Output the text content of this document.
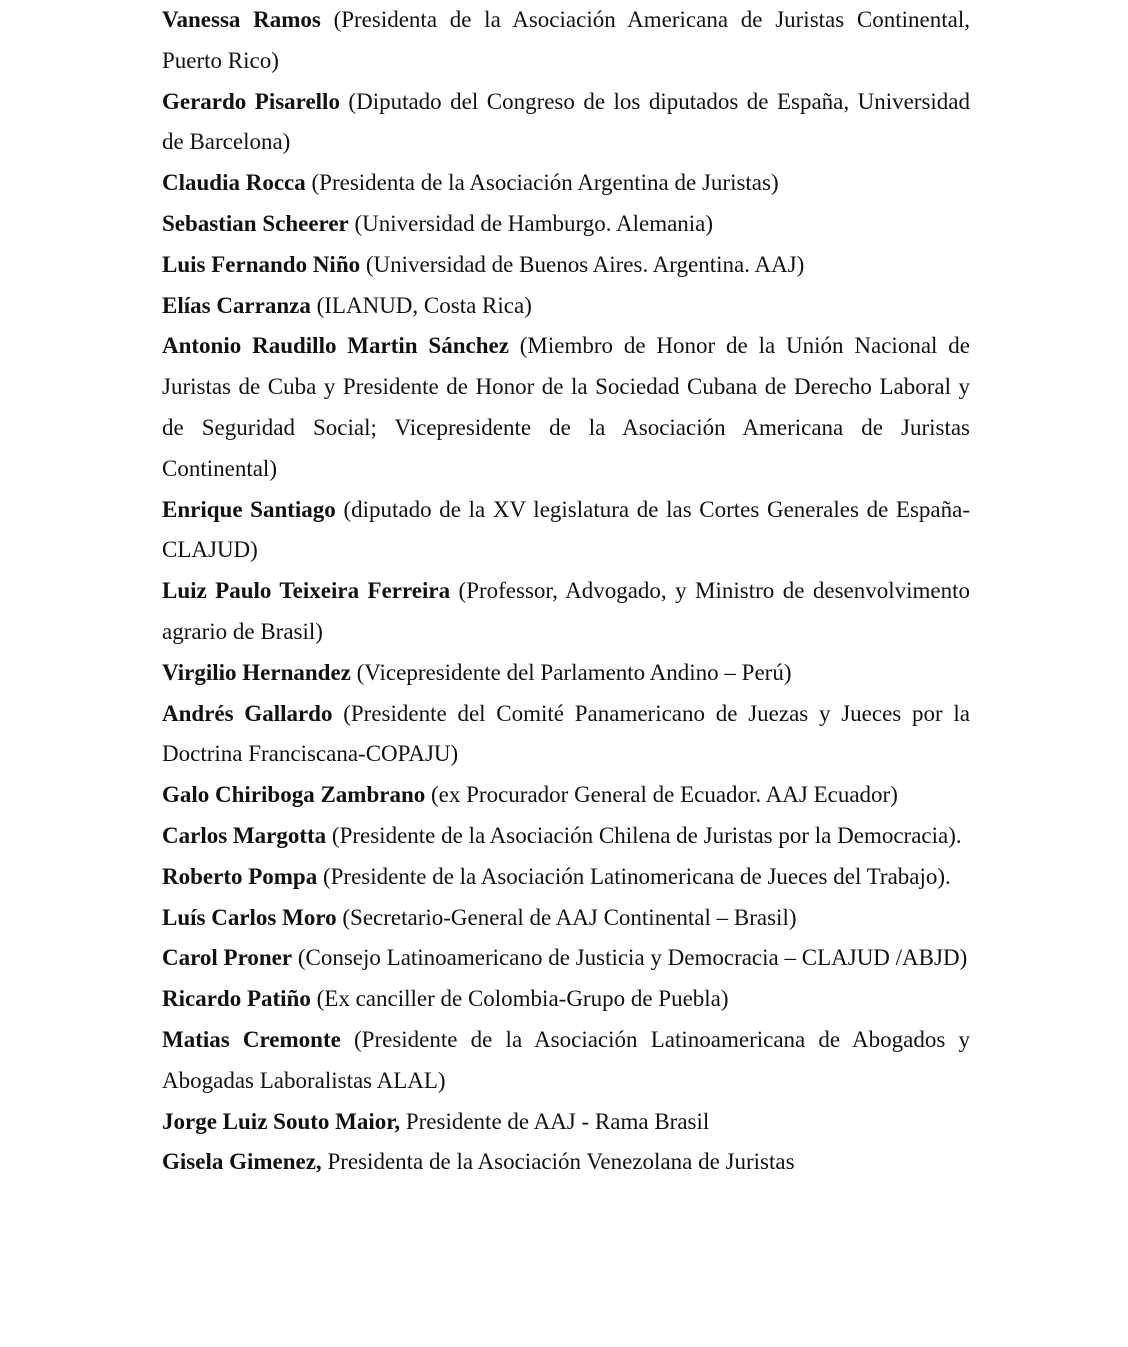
Vanessa Ramos (Presidenta de la Asociación Americana de Juristas Continental, Puerto Rico)

Gerardo Pisarello (Diputado del Congreso de los diputados de España, Universidad de Barcelona)

Claudia Rocca (Presidenta de la Asociación Argentina de Juristas)

Sebastian Scheerer (Universidad de Hamburgo. Alemania)

Luis Fernando Niño (Universidad de Buenos Aires. Argentina. AAJ)

Elías Carranza (ILANUD, Costa Rica)

Antonio Raudillo Martin Sánchez (Miembro de Honor de la Unión Nacional de Juristas de Cuba y Presidente de Honor de la Sociedad Cubana de Derecho Laboral y de Seguridad Social; Vicepresidente de la Asociación Americana de Juristas Continental)

Enrique Santiago (diputado de la XV legislatura de las Cortes Generales de España- CLAJUD)

Luiz Paulo Teixeira Ferreira (Professor, Advogado, y Ministro de desenvolvimento agrario de Brasil)

Virgilio Hernandez (Vicepresidente del Parlamento Andino – Perú)

Andrés Gallardo (Presidente del Comité Panamericano de Juezas y Jueces por la Doctrina Franciscana-COPAJU)

Galo Chiriboga Zambrano (ex Procurador General de Ecuador. AAJ Ecuador)

Carlos Margotta (Presidente de la Asociación Chilena de Juristas por la Democracia).

Roberto Pompa (Presidente de la Asociación Latinomericana de Jueces del Trabajo).

Luís Carlos Moro (Secretario-General de AAJ Continental – Brasil)

Carol Proner (Consejo Latinoamericano de Justicia y Democracia – CLAJUD /ABJD)

Ricardo Patiño (Ex canciller de Colombia-Grupo de Puebla)

Matias Cremonte (Presidente de la Asociación Latinoamericana de Abogados y Abogadas Laboralistas ALAL)

Jorge Luiz Souto Maior, Presidente de AAJ - Rama Brasil

Gisela Gimenez, Presidenta de la Asociación Venezolana de Juristas
